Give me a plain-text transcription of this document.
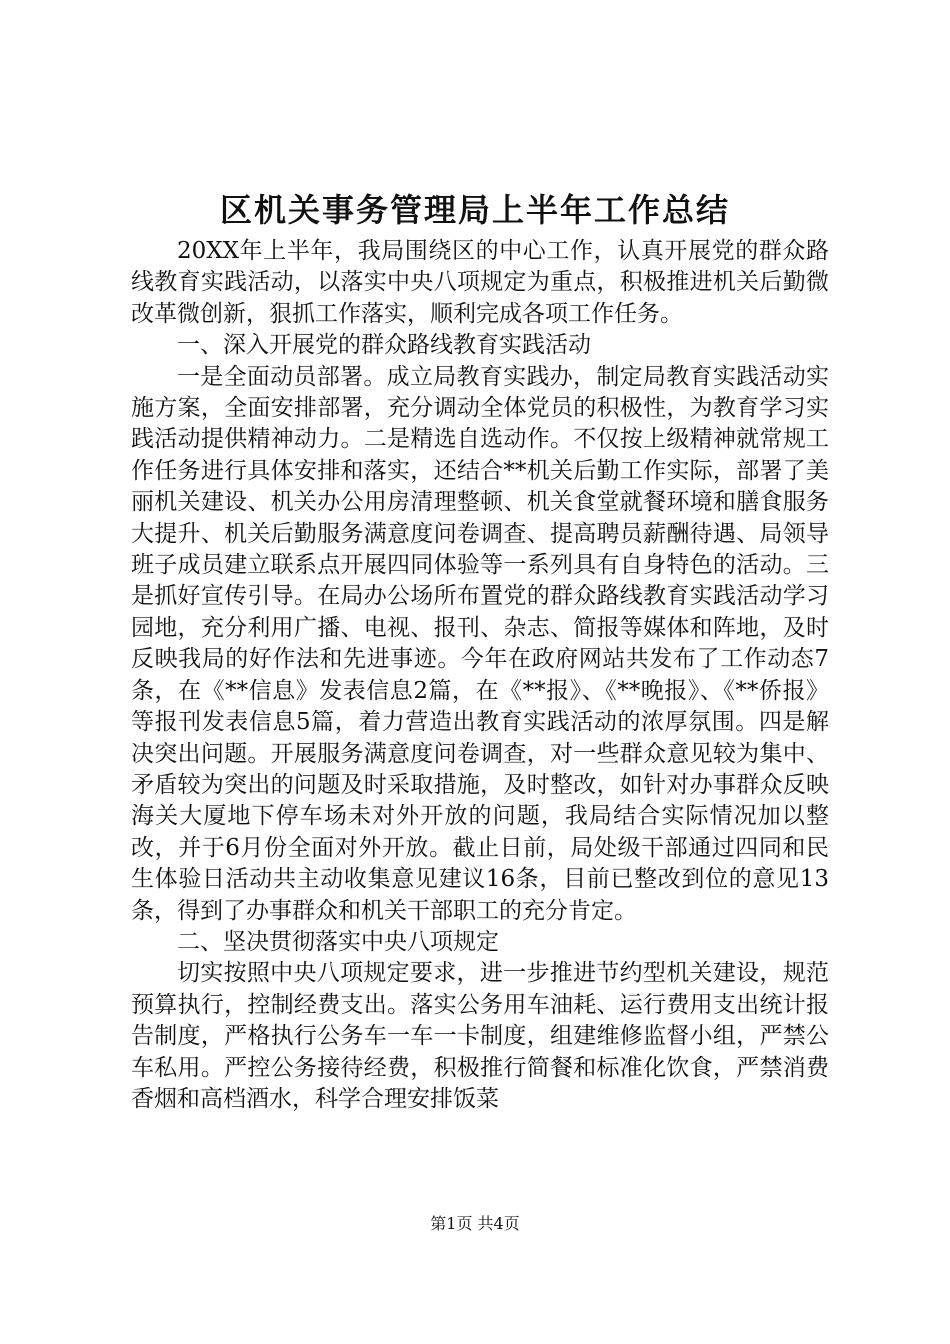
区机关事务管理局上半年工作总结

20XX年上半年，我局围绕区的中心工作，认真开展党的群众路线教育实践活动，以落实中央八项规定为重点，积极推进机关后勤微改革微创新，狠抓工作落实，顺利完成各项工作任务。

一、深入开展党的群众路线教育实践活动

一是全面动员部署。成立局教育实践办，制定局教育实践活动实施方案，全面安排部署，充分调动全体党员的积极性，为教育学习实践活动提供精神动力。二是精选自选动作。不仅按上级精神就常规工作任务进行具体安排和落实，还结合**机关后勤工作实际，部署了美丽机关建设、机关办公用房清理整顿、机关食堂就餐环境和膳食服务大提升、机关后勤服务满意度问卷调查、提高聘员薪酬待遇、局领导班子成员建立联系点开展四同体验等一系列具有自身特色的活动。三是抓好宣传引导。在局办公场所布置党的群众路线教育实践活动学习园地，充分利用广播、电视、报刊、杂志、简报等媒体和阵地，及时反映我局的好作法和先进事迹。今年在政府网站共发布了工作动态7条，在《**信息》发表信息2篇，在《**报》、《**晚报》、《**侨报》等报刊发表信息5篇，着力营造出教育实践活动的浓厚氛围。四是解决突出问题。开展服务满意度问卷调查，对一些群众意见较为集中、矛盾较为突出的问题及时采取措施，及时整改，如针对办事群众反映海关大厦地下停车场未对外开放的问题，我局结合实际情况加以整改，并于6月份全面对外开放。截止日前，局处级干部通过四同和民生体验日活动共主动收集意见建议16条，目前已整改到位的意见13条，得到了办事群众和机关干部职工的充分肯定。

二、坚决贯彻落实中央八项规定

切实按照中央八项规定要求，进一步推进节约型机关建设，规范预算执行，控制经费支出。落实公务用车油耗、运行费用支出统计报告制度，严格执行公务车一车一卡制度，组建维修监督小组，严禁公车私用。严控公务接待经费，积极推行简餐和标准化饮食，严禁消费香烟和高档酒水，科学合理安排饭菜

第1页 共4页
